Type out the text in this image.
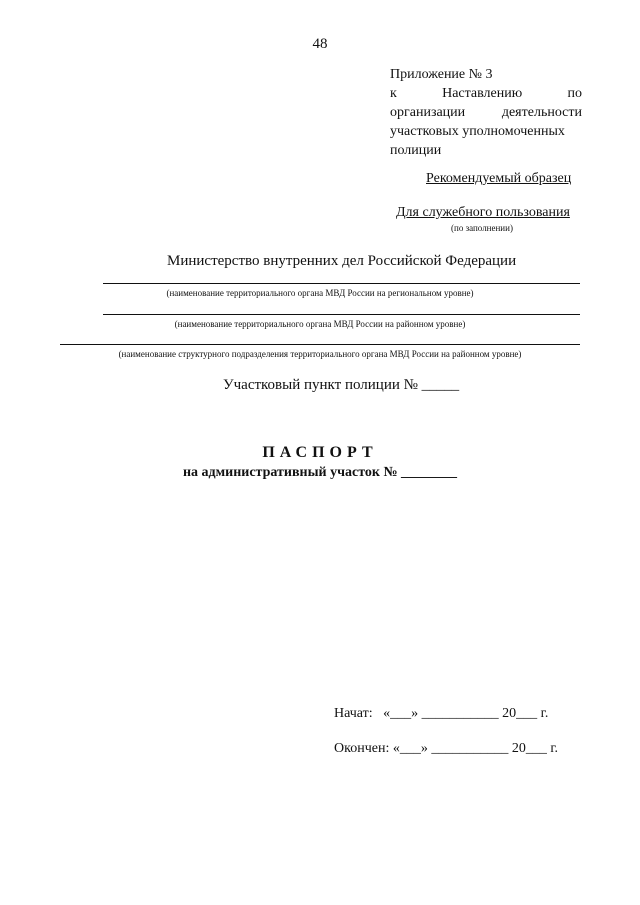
48
Приложение № 3
к	Наставлению	по
организации	деятельности
участковых уполномоченных
полиции
Рекомендуемый образец
Для служебного пользования
(по заполнении)
Министерство внутренних дел Российской Федерации
(наименование территориального органа МВД России на региональном уровне)
(наименование территориального органа МВД России на районном уровне)
(наименование структурного подразделения территориального органа МВД России на районном уровне)
Участковый пункт полиции № _____
ПАСПОРТ
на административный участок № ________
Начат:   «___» ___________ 20___ г.
Окончен: «___» ___________ 20___ г.
